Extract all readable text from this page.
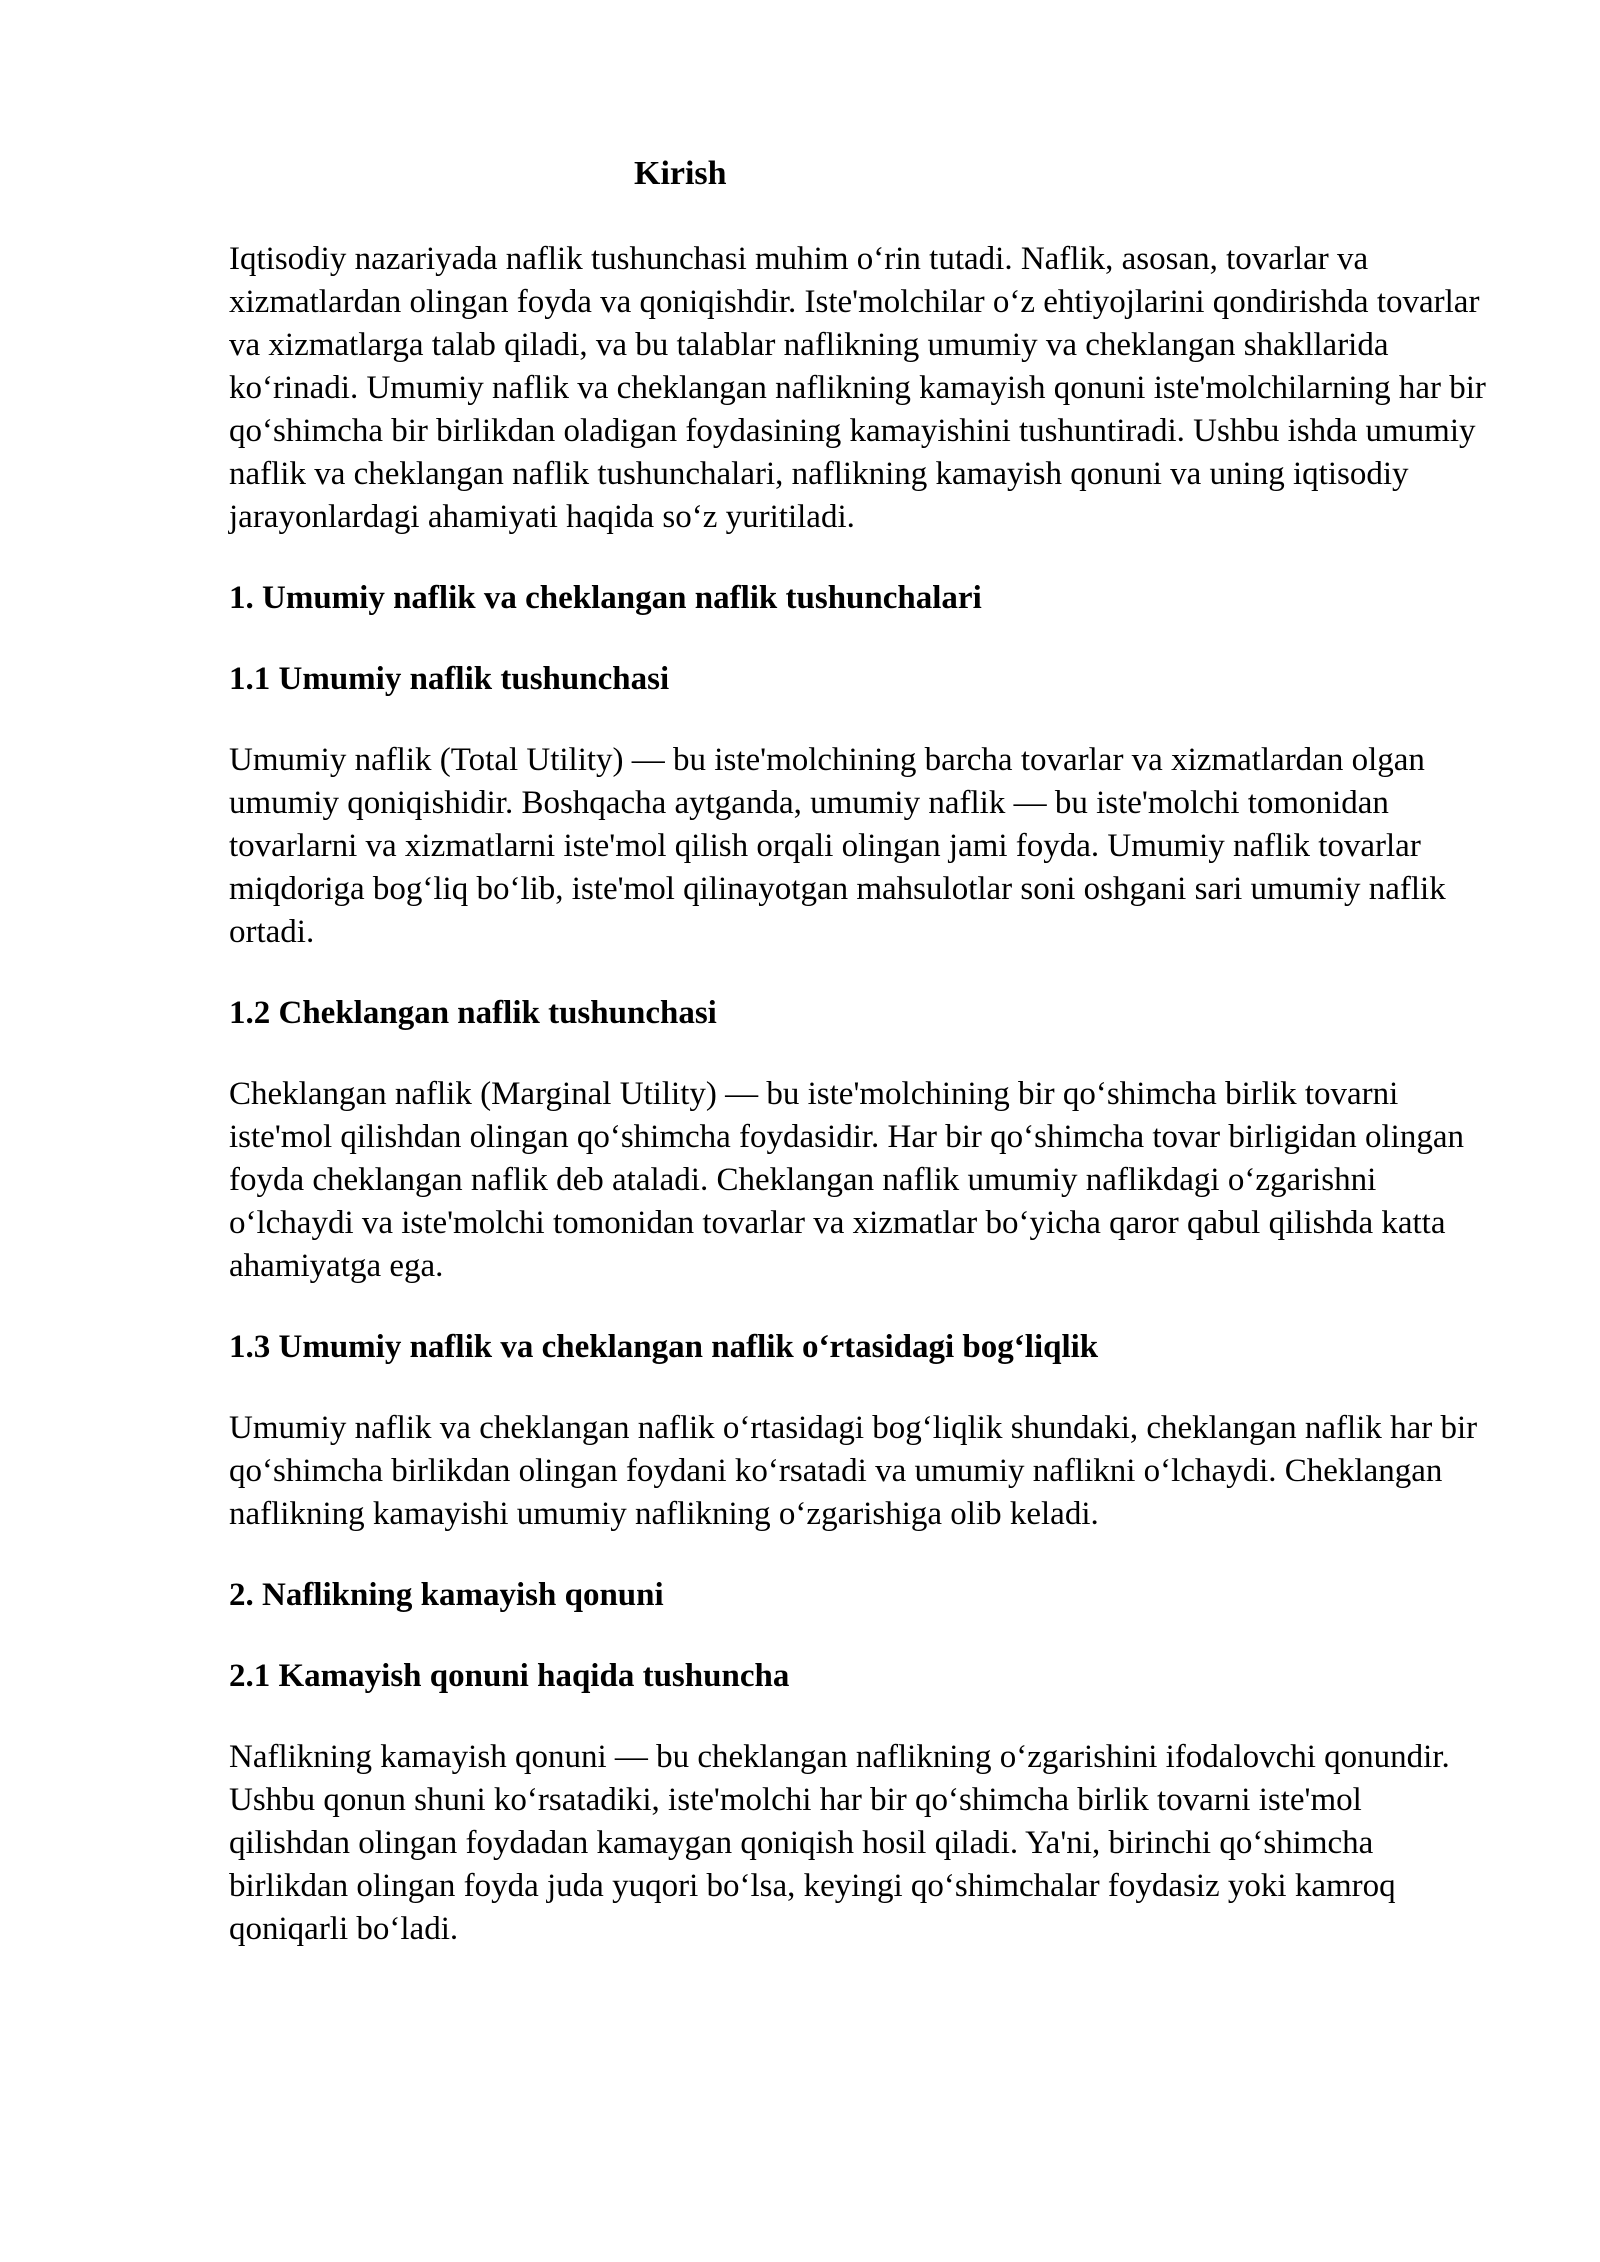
Kirish

Iqtisodiy nazariyada naflik tushunchasi muhim o‘rin tutadi. Naflik, asosan, tovarlar va xizmatlardan olingan foyda va qoniqishdir. Iste'molchilar o‘z ehtiyojlarini qondirishda tovarlar va xizmatlarga talab qiladi, va bu talablar naflikning umumiy va cheklangan shakllarida ko‘rinadi. Umumiy naflik va cheklangan naflikning kamayish qonuni iste'molchilarning har bir qo‘shimcha bir birlikdan oladigan foydasining kamayishini tushuntiradi. Ushbu ishda umumiy naflik va cheklangan naflik tushunchalari, naflikning kamayish qonuni va uning iqtisodiy jarayonlardagi ahamiyati haqida so‘z yuritiladi.

1. Umumiy naflik va cheklangan naflik tushunchalari
1.1 Umumiy naflik tushunchasi

Umumiy naflik (Total Utility) — bu iste'molchining barcha tovarlar va xizmatlardan olgan umumiy qoniqishidir. Boshqacha aytganda, umumiy naflik — bu iste'molchi tomonidan tovarlarni va xizmatlarni iste'mol qilish orqali olingan jami foyda. Umumiy naflik tovarlar miqdoriga bog‘liq bo‘lib, iste'mol qilinayotgan mahsulotlar soni oshgani sari umumiy naflik ortadi.

1.2 Cheklangan naflik tushunchasi

Cheklangan naflik (Marginal Utility) — bu iste'molchining bir qo‘shimcha birlik tovarni iste'mol qilishdan olingan qo‘shimcha foydasidir. Har bir qo‘shimcha tovar birligidan olingan foyda cheklangan naflik deb ataladi. Cheklangan naflik umumiy naflikdagi o‘zgarishni o‘lchaydi va iste'molchi tomonidan tovarlar va xizmatlar bo‘yicha qaror qabul qilishda katta ahamiyatga ega.

1.3 Umumiy naflik va cheklangan naflik o‘rtasidagi bog‘liqlik

Umumiy naflik va cheklangan naflik o‘rtasidagi bog‘liqlik shundaki, cheklangan naflik har bir qo‘shimcha birlikdan olingan foydani ko‘rsatadi va umumiy naflikni o‘lchaydi. Cheklangan naflikning kamayishi umumiy naflikning o‘zgarishiga olib keladi.

2. Naflikning kamayish qonuni
2.1 Kamayish qonuni haqida tushuncha

Naflikning kamayish qonuni — bu cheklangan naflikning o‘zgarishini ifodalovchi qonundir. Ushbu qonun shuni ko‘rsatadiki, iste'molchi har bir qo‘shimcha birlik tovarni iste'mol qilishdan olingan foydadan kamaygan qoniqish hosil qiladi. Ya'ni, birinchi qo‘shimcha birlikdan olingan foyda juda yuqori bo‘lsa, keyingi qo‘shimchalar foydasiz yoki kamroq qoniqarli bo‘ladi.
